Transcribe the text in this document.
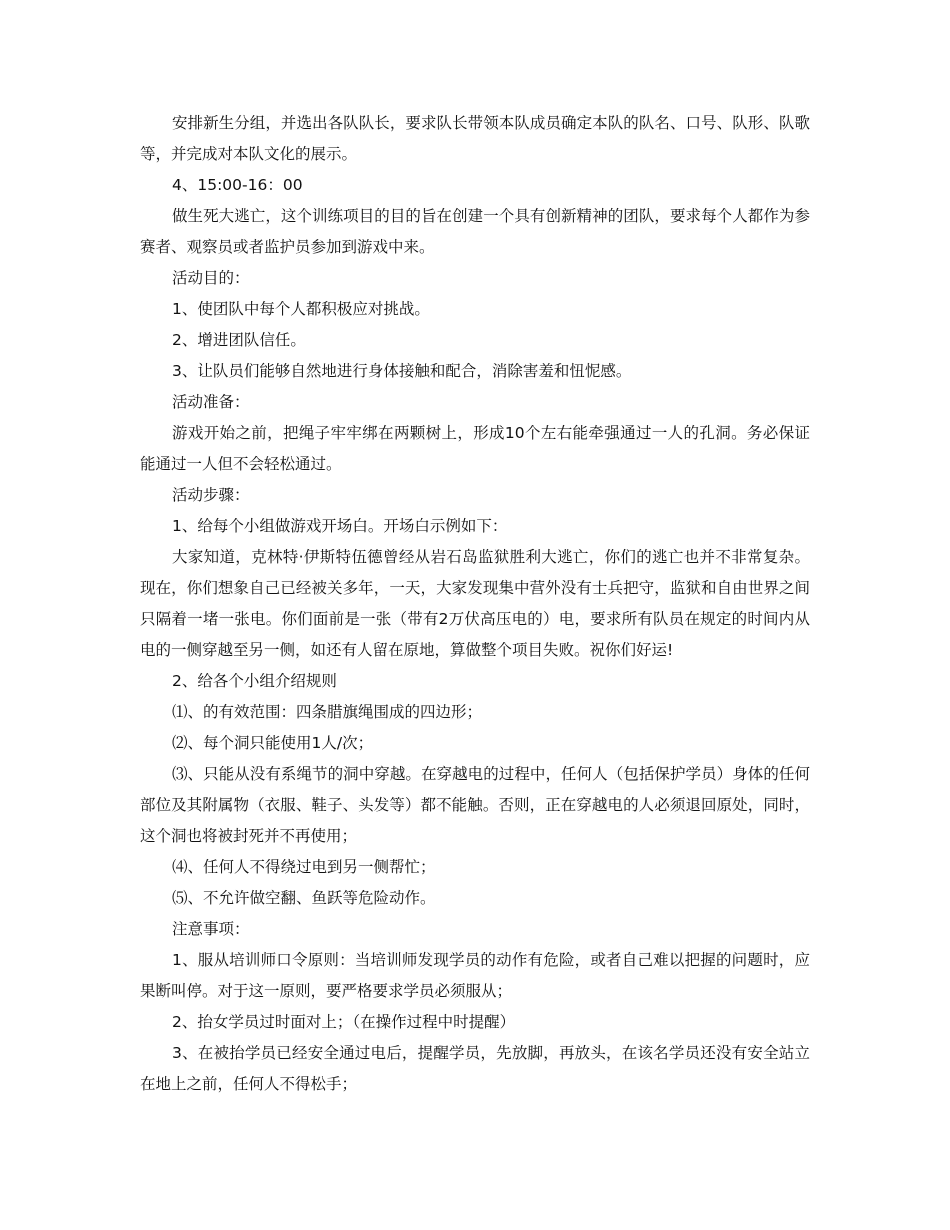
安排新生分组，并选出各队队长，要求队长带领本队成员确定本队的队名、口号、队形、队歌等，并完成对本队文化的展示。

4、15:00-16：00

做生死大逃亡，这个训练项目的目的旨在创建一个具有创新精神的团队，要求每个人都作为参赛者、观察员或者监护员参加到游戏中来。

活动目的：

1、使团队中每个人都积极应对挑战。

2、增进团队信任。

3、让队员们能够自然地进行身体接触和配合，消除害羞和忸怩感。

活动准备：

游戏开始之前，把绳子牢牢绑在两颗树上，形成10个左右能牵强通过一人的孔洞。务必保证能通过一人但不会轻松通过。

活动步骤：

1、给每个小组做游戏开场白。开场白示例如下：

大家知道，克林特·伊斯特伍德曾经从岩石岛监狱胜利大逃亡，你们的逃亡也并不非常复杂。现在，你们想象自己已经被关多年，一天，大家发现集中营外没有士兵把守，监狱和自由世界之间只隔着一堵一张电。你们面前是一张（带有2万伏高压电的）电，要求所有队员在规定的时间内从电的一侧穿越至另一侧，如还有人留在原地，算做整个项目失败。祝你们好运!

2、给各个小组介绍规则

⑴、的有效范围：四条腊旗绳围成的四边形；

⑵、每个洞只能使用1人/次；

⑶、只能从没有系绳节的洞中穿越。在穿越电的过程中，任何人（包括保护学员）身体的任何部位及其附属物（衣服、鞋子、头发等）都不能触。否则，正在穿越电的人必须退回原处，同时，这个洞也将被封死并不再使用；

⑷、任何人不得绕过电到另一侧帮忙；

⑸、不允许做空翻、鱼跃等危险动作。

注意事项：

1、服从培训师口令原则：当培训师发现学员的动作有危险，或者自己难以把握的问题时，应果断叫停。对于这一原则，要严格要求学员必须服从；

2、抬女学员过时面对上；（在操作过程中时提醒）

3、在被抬学员已经安全通过电后，提醒学员，先放脚，再放头，在该名学员还没有安全站立在地上之前，任何人不得松手；
